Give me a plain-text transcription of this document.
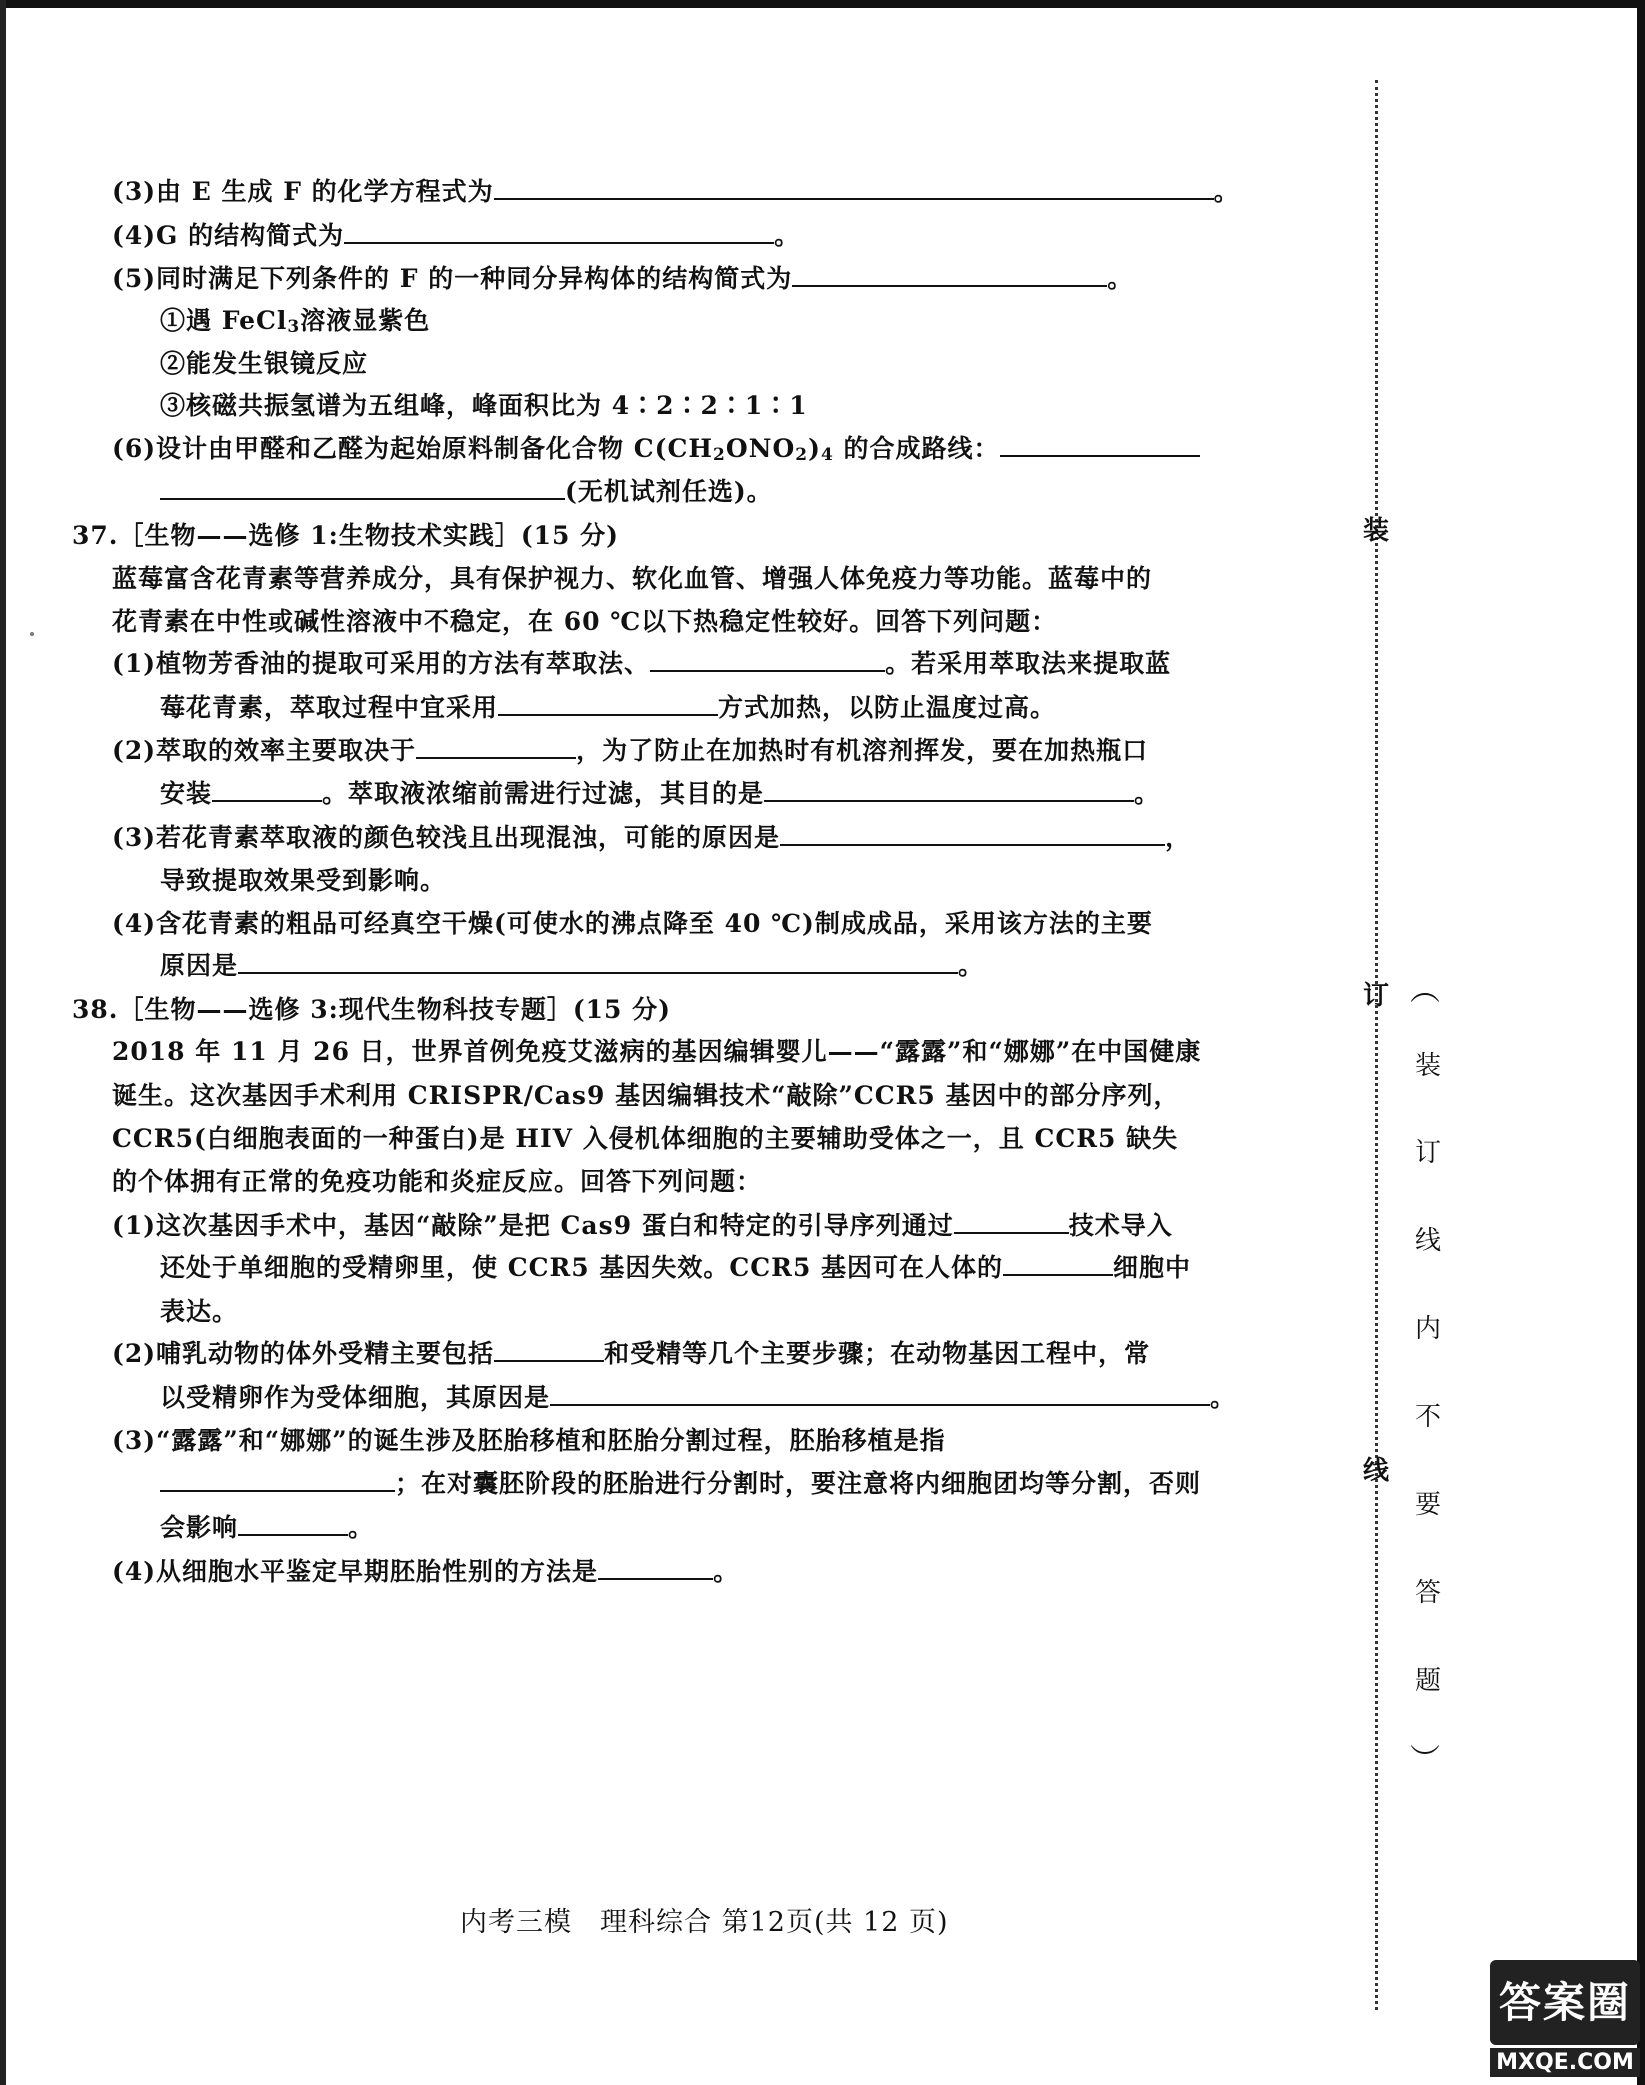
(3)由 E 生成 F 的化学方程式为	。
(4)G 的结构简式为	。
(5)同时满足下列条件的 F 的一种同分异构体的结构简式为	。
①遇 FeCl3溶液显紫色
②能发生银镜反应
③核磁共振氢谱为五组峰，峰面积比为 4∶2∶2∶1∶1
(6)设计由甲醛和乙醛为起始原料制备化合物 C(CH2ONO2)4 的合成路线：
(无机试剂任选)。
37.［生物——选修 1:生物技术实践］(15 分)
蓝莓富含花青素等营养成分，具有保护视力、软化血管、增强人体免疫力等功能。蓝莓中的
花青素在中性或碱性溶液中不稳定，在 60 ℃以下热稳定性较好。回答下列问题：
(1)植物芳香油的提取可采用的方法有萃取法、	。若采用萃取法来提取蓝
莓花青素，萃取过程中宜采用	方式加热，以防止温度过高。
(2)萃取的效率主要取决于	，为了防止在加热时有机溶剂挥发，要在加热瓶口
安装	。萃取液浓缩前需进行过滤，其目的是	。
(3)若花青素萃取液的颜色较浅且出现混浊，可能的原因是	，
导致提取效果受到影响。
(4)含花青素的粗品可经真空干燥(可使水的沸点降至 40 ℃)制成成品，采用该方法的主要
原因是	。
38.［生物——选修 3:现代生物科技专题］(15 分)
2018 年 11 月 26 日，世界首例免疫艾滋病的基因编辑婴儿——“露露”和“娜娜”在中国健康
诞生。这次基因手术利用 CRISPR/Cas9 基因编辑技术“敲除”CCR5 基因中的部分序列，
CCR5(白细胞表面的一种蛋白)是 HIV 入侵机体细胞的主要辅助受体之一，且 CCR5 缺失
的个体拥有正常的免疫功能和炎症反应。回答下列问题：
(1)这次基因手术中，基因“敲除”是把 Cas9 蛋白和特定的引导序列通过	技术导入
还处于单细胞的受精卵里，使 CCR5 基因失效。CCR5 基因可在人体的	细胞中
表达。
(2)哺乳动物的体外受精主要包括	和受精等几个主要步骤；在动物基因工程中，常
以受精卵作为受体细胞，其原因是	。
(3)“露露”和“娜娜”的诞生涉及胚胎移植和胚胎分割过程，胚胎移植是指
；在对囊胚阶段的胚胎进行分割时，要注意将内细胞团均等分割，否则
会影响	。
(4)从细胞水平鉴定早期胚胎性别的方法是	。
装
订
线
︵
装
订
线
内
不
要
答
题
︶
内考三模　理科综合 第12页(共 12 页)
答案圈
MXQE.COM
